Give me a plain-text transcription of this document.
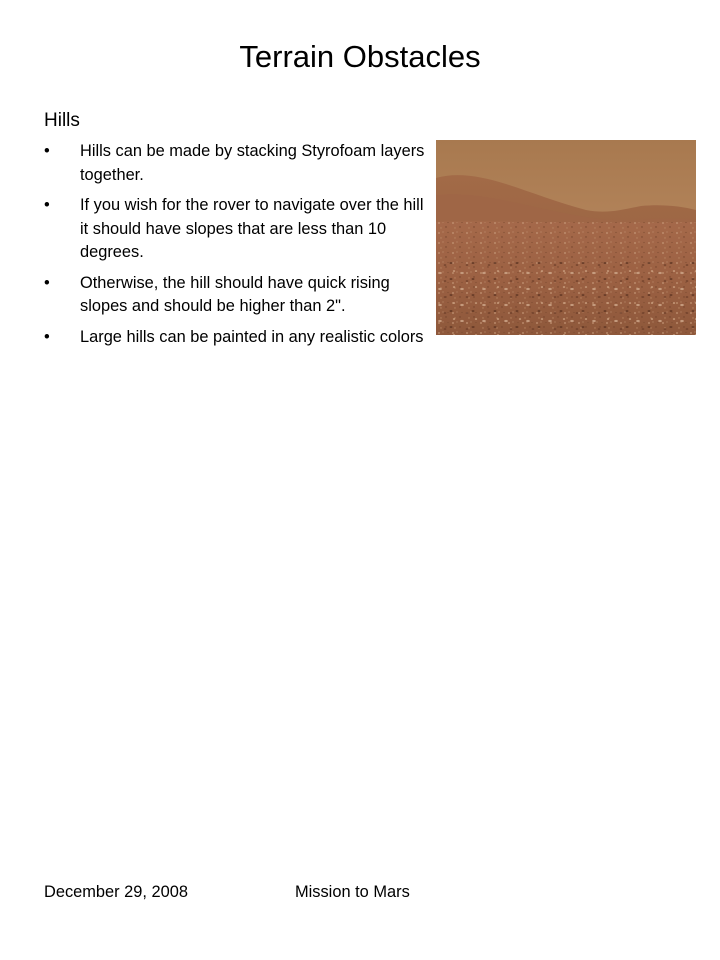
Terrain Obstacles
Hills
• Hills can be made by stacking Styrofoam layers together.
• If you wish for the rover to navigate over the hill it should have slopes that are less than 10 degrees.
• Otherwise, the hill should have quick rising slopes and should be higher than 2".
• Large hills can be painted in any realistic colors
December 29, 2008	Mission to Mars
